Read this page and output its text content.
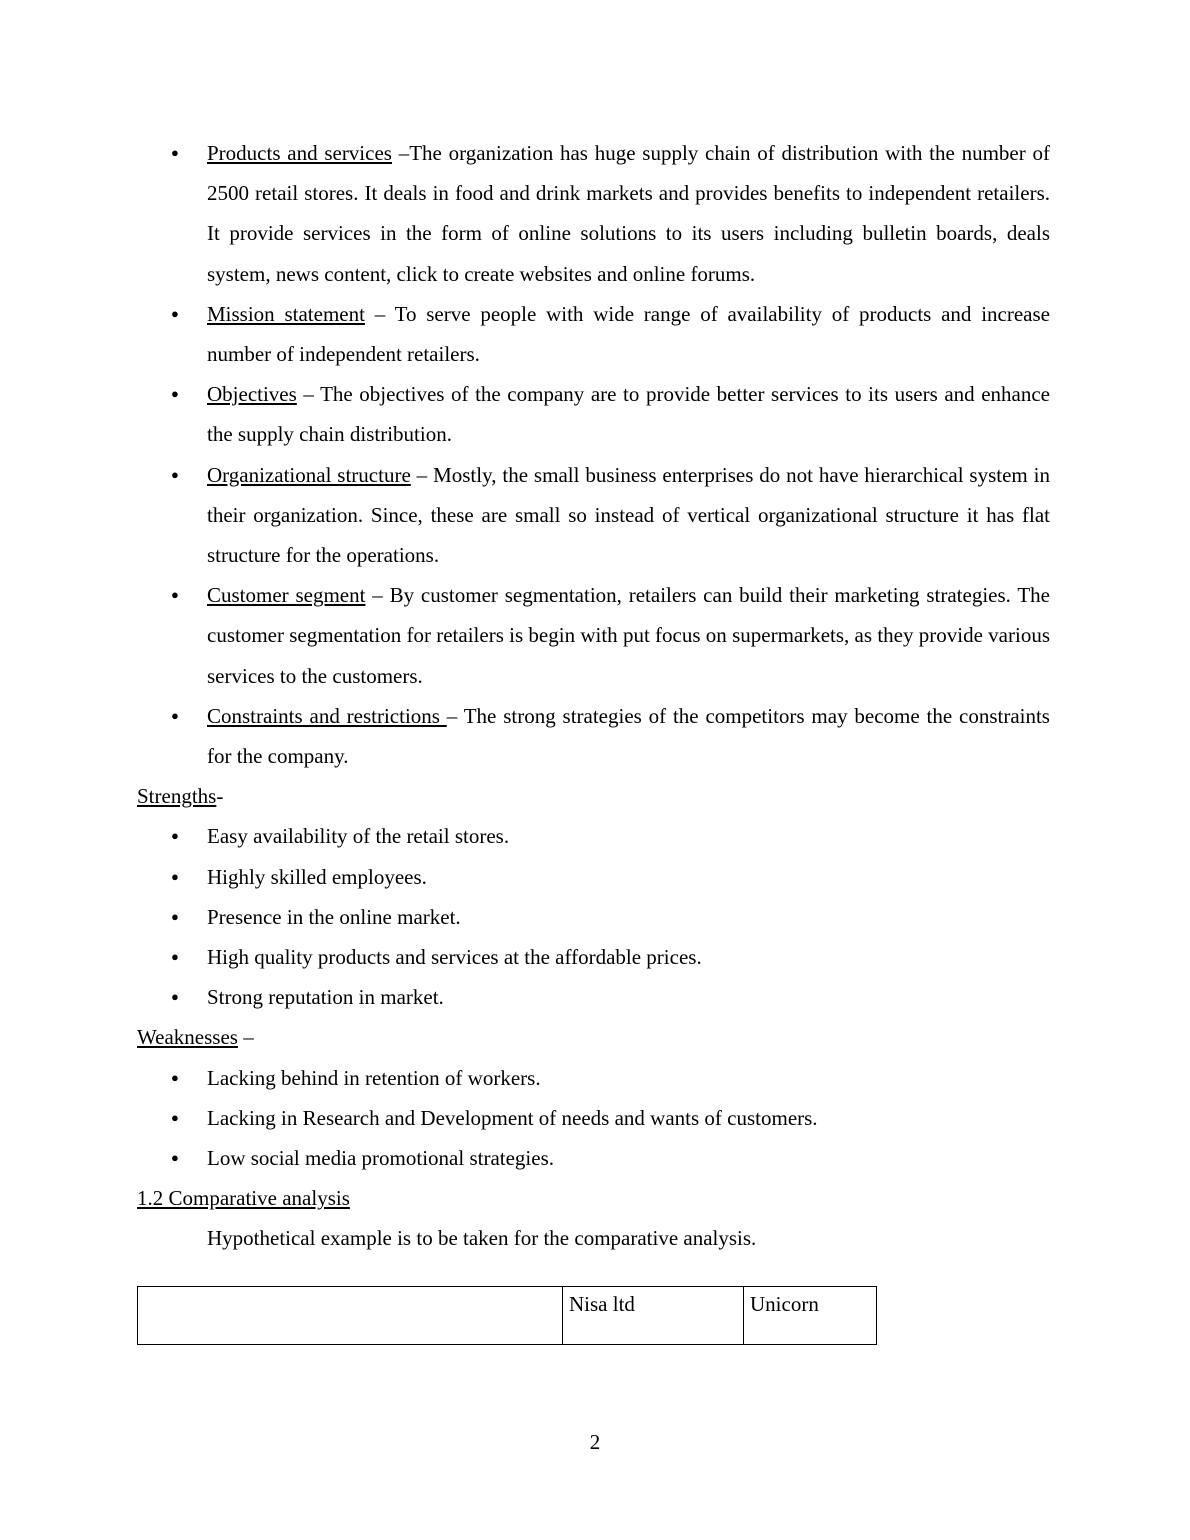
● Products and services –The organization has huge supply chain of distribution with the number of 2500 retail stores. It deals in food and drink markets and provides benefits to independent retailers. It provide services in the form of online solutions to its users including bulletin boards, deals system, news content, click to create websites and online forums.
● Mission statement – To serve people with wide range of availability of products and increase number of independent retailers.
● Objectives – The objectives of the company are to provide better services to its users and enhance the supply chain distribution.
● Organizational structure – Mostly, the small business enterprises do not have hierarchical system in their organization. Since, these are small so instead of vertical organizational structure it has flat structure for the operations.
● Customer segment – By customer segmentation, retailers can build their marketing strategies. The customer segmentation for retailers is begin with put focus on supermarkets, as they provide various services to the customers.
● Constraints and restrictions – The strong strategies of the competitors may become the constraints for the company.
Strengths-
● Easy availability of the retail stores.
● Highly skilled employees.
● Presence in the online market.
● High quality products and services at the affordable prices.
● Strong reputation in market.
Weaknesses –
● Lacking behind in retention of workers.
● Lacking in Research and Development of needs and wants of customers.
● Low social media promotional strategies.
1.2 Comparative analysis
Hypothetical example is to be taken for the comparative analysis.
	Nisa ltd	Unicorn
2
